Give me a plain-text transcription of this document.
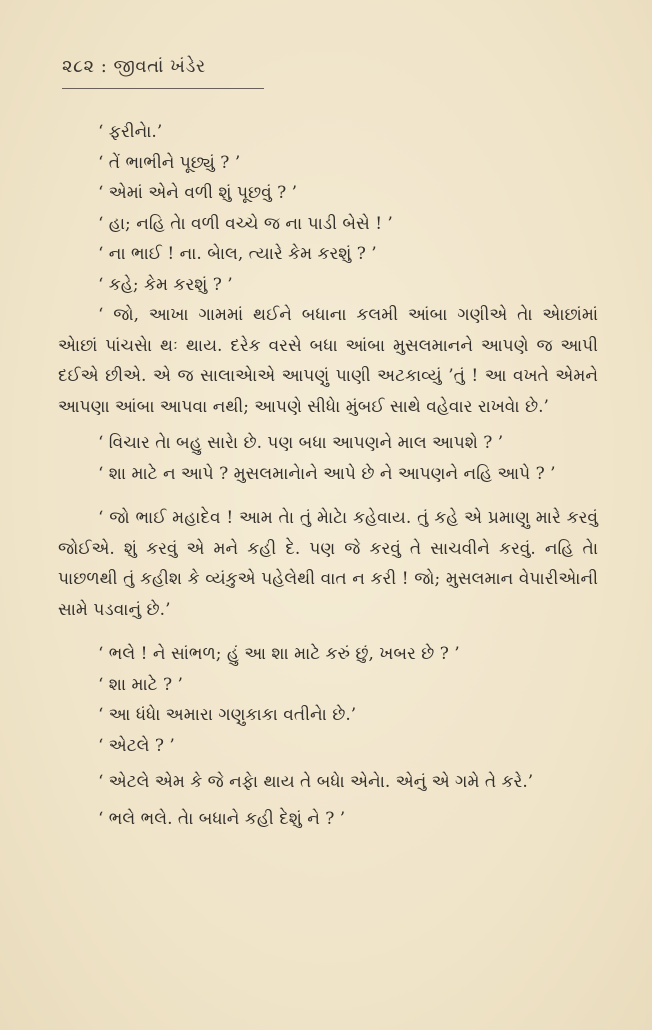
૨૮૨ : જીવતાં ખંડેર

‘ ફરીનેા.’

‘ તેં ભાભીને પૂછ્યું ? ’

‘ એમાં એને વળી શું પૂછવું ? ’

‘ હા; નહિ તેા વળી વચ્ચે જ ના પાડી બેસે ! ’

‘ ના ભાઈ ! ના. બેાલ, ત્યારે કેમ કરશું ? ’

‘ કહે; કેમ કરશું ? ’

‘ જો, આખા ગામમાં થઈને બધાના કલમી આંબા ગણીએ તેા એાછાંમાં એાછાં પાંચસેા થઃ થાય. દરેક વરસે બધા આંબા મુસલમાનને આપણે જ આપી દઈએ છીએ. એ જ સાલાએાએ આપણું પાણી અટકાવ્યું ’તું ! આ વખતે એમને આપણા આંબા આપવા નથી; આપણે સીધેા મુંબઈ સાથે વહેવાર રાખવેા છે.’

‘ વિચાર તેા બહુ સારેા છે. પણ બધા આપણને માલ આપશે ? ’

‘ શા માટે ન આપે ? મુસલમાનેાને આપે છે ને આપણને નહિ આપે ? ’

‘ જો ભાઈ મહાદેવ ! આમ તેા તું મેાટેા કહેવાય. તું કહે એ પ્રમાણુ મારે કરવું જોઈએ. શું કરવું એ મને કહી દે. પણ જે કરવું તે સાચવીને કરવું. નહિ તેા પાછળથી તું કહીશ કે વ્યંકુએ પહેલેથી વાત ન કરી ! જો; મુસલમાન વેપારીએાની સામે પડવાનું છે.’

‘ ભલે ! ને સાંભળ; હું આ શા માટે કરું છું, ખબર છે ? ’

‘ શા માટે ? ’

‘ આ ધંધેા અમારા ગણુકાકા વતીનેા છે.’

‘ એટલે ? ’

‘ એટલે એમ કે જે નફેા થાય તે બધેા એનેા. એનું એ ગમે તે કરે.’

‘ ભલે ભલે. તેા બધાને કહી દેશું ને ? ’
